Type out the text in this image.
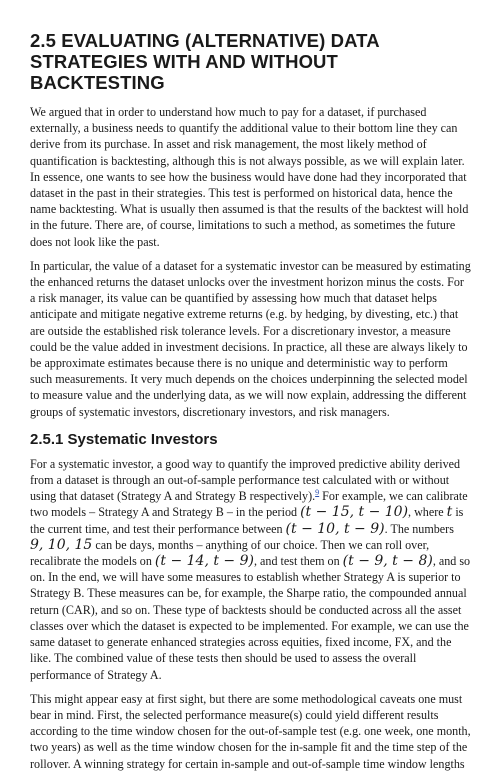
2.5 EVALUATING (ALTERNATIVE) DATA STRATEGIES WITH AND WITHOUT BACKTESTING

We argued that in order to understand how much to pay for a dataset, if purchased externally, a business needs to quantify the additional value to their bottom line they can derive from its purchase. In asset and risk management, the most likely method of quantification is backtesting, although this is not always possible, as we will explain later. In essence, one wants to see how the business would have done had they incorporated that dataset in the past in their strategies. This test is performed on historical data, hence the name backtesting. What is usually then assumed is that the results of the backtest will hold in the future. There are, of course, limitations to such a method, as sometimes the future does not look like the past.

In particular, the value of a dataset for a systematic investor can be measured by estimating the enhanced returns the dataset unlocks over the investment horizon minus the costs. For a risk manager, its value can be quantified by assessing how much that dataset helps anticipate and mitigate negative extreme returns (e.g. by hedging, by divesting, etc.) that are outside the established risk tolerance levels. For a discretionary investor, a measure could be the value added in investment decisions. In practice, all these are always likely to be approximate estimates because there is no unique and deterministic way to perform such measurements. It very much depends on the choices underpinning the selected model to measure value and the underlying data, as we will now explain, addressing the different groups of systematic investors, discretionary investors, and risk managers.

2.5.1 Systematic Investors

For a systematic investor, a good way to quantify the improved predictive ability derived from a dataset is through an out-of-sample performance test calculated with or without using that dataset (Strategy A and Strategy B respectively).$^9$ For example, we can calibrate two models – Strategy A and Strategy B – in the period (t − 15, t − 10), where t is the current time, and test their performance between (t − 10, t − 9). The numbers 9, 10, 15 can be days, months – anything of our choice. Then we can roll over, recalibrate the models on (t − 14, t − 9), and test them on (t − 9, t − 8), and so on. In the end, we will have some measures to establish whether Strategy A is superior to Strategy B. These measures can be, for example, the Sharpe ratio, the compounded annual return (CAR), and so on. These type of backtests should be conducted across all the asset classes over which the dataset is expected to be implemented. For example, we can use the same dataset to generate enhanced strategies across equities, fixed income, FX, and the like. The combined value of these tests then should be used to assess the overall performance of Strategy A.

This might appear easy at first sight, but there are some methodological caveats one must bear in mind. First, the selected performance measure(s) could yield different results according to the time window chosen for the out-of-sample test (e.g. one week, one month, two years) as well as the time window chosen for the in-sample fit and the time step of the rollover. A winning strategy for certain in-sample and out-of-sample time window lengths
